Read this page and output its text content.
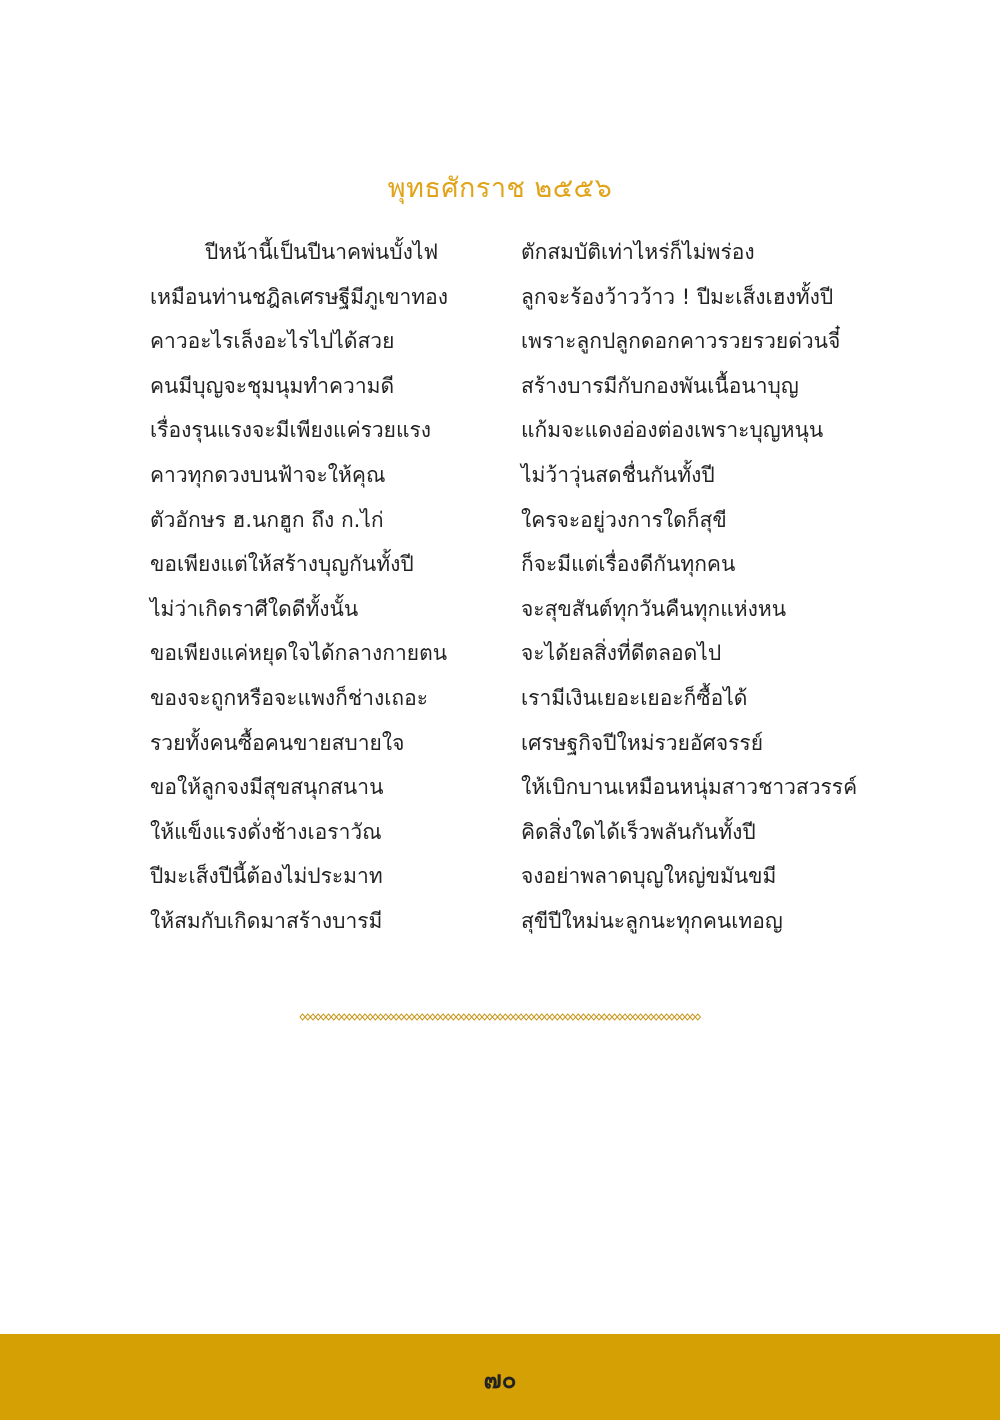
พุทธศักราช ๒๕๕๖
ปีหน้านี้เป็นปีนาคพ่นบั้งไฟ
เหมือนท่านชฎิลเศรษฐีมีภูเขาทอง
คาวอะไรเล็งอะไรไปได้สวย
คนมีบุญจะชุมนุมทำความดี
เรื่องรุนแรงจะมีเพียงแค่รวยแรง
คาวทุกดวงบนฟ้าจะให้คุณ
ตัวอักษร ฮ.นกฮูก ถึง ก.ไก่
ขอเพียงแต่ให้สร้างบุญกันทั้งปี
ไม่ว่าเกิดราศีใดดีทั้งนั้น
ขอเพียงแค่หยุดใจได้กลางกายตน
ของจะถูกหรือจะแพงก็ช่างเถอะ
รวยทั้งคนซื้อคนขายสบายใจ
ขอให้ลูกจงมีสุขสนุกสนาน
ให้แข็งแรงดั่งช้างเอราวัณ
ปีมะเส็งปีนี้ต้องไม่ประมาท
ให้สมกับเกิดมาสร้างบารมี
ตักสมบัติเท่าไหร่ก็ไม่พร่อง
ลูกจะร้องว้าวว้าว ! ปีมะเส็งเฮงทั้งปี
เพราะลูกปลูกดอกคาวรวยรวยด่วนจี๋
สร้างบารมีกับกองพันเนื้อนาบุญ
แก้มจะแดงอ่องต่องเพราะบุญหนุน
ไม่ว้าวุ่นสดชื่นกันทั้งปี
ใครจะอยู่วงการใดก็สุขี
ก็จะมีแต่เรื่องดีกันทุกคน
จะสุขสันต์ทุกวันคืนทุกแห่งหน
จะได้ยลสิ่งที่ดีตลอดไป
เรามีเงินเยอะเยอะก็ซื้อได้
เศรษฐกิจปีใหม่รวยอัศจรรย์
ให้เบิกบานเหมือนหนุ่มสาวชาวสวรรค์
คิดสิ่งใดได้เร็วพลันกันทั้งปี
จงอย่าพลาดบุญใหญ่ขมันขมี
สุขีปีใหม่นะลูกนะทุกคนเทอญ
๗๐
